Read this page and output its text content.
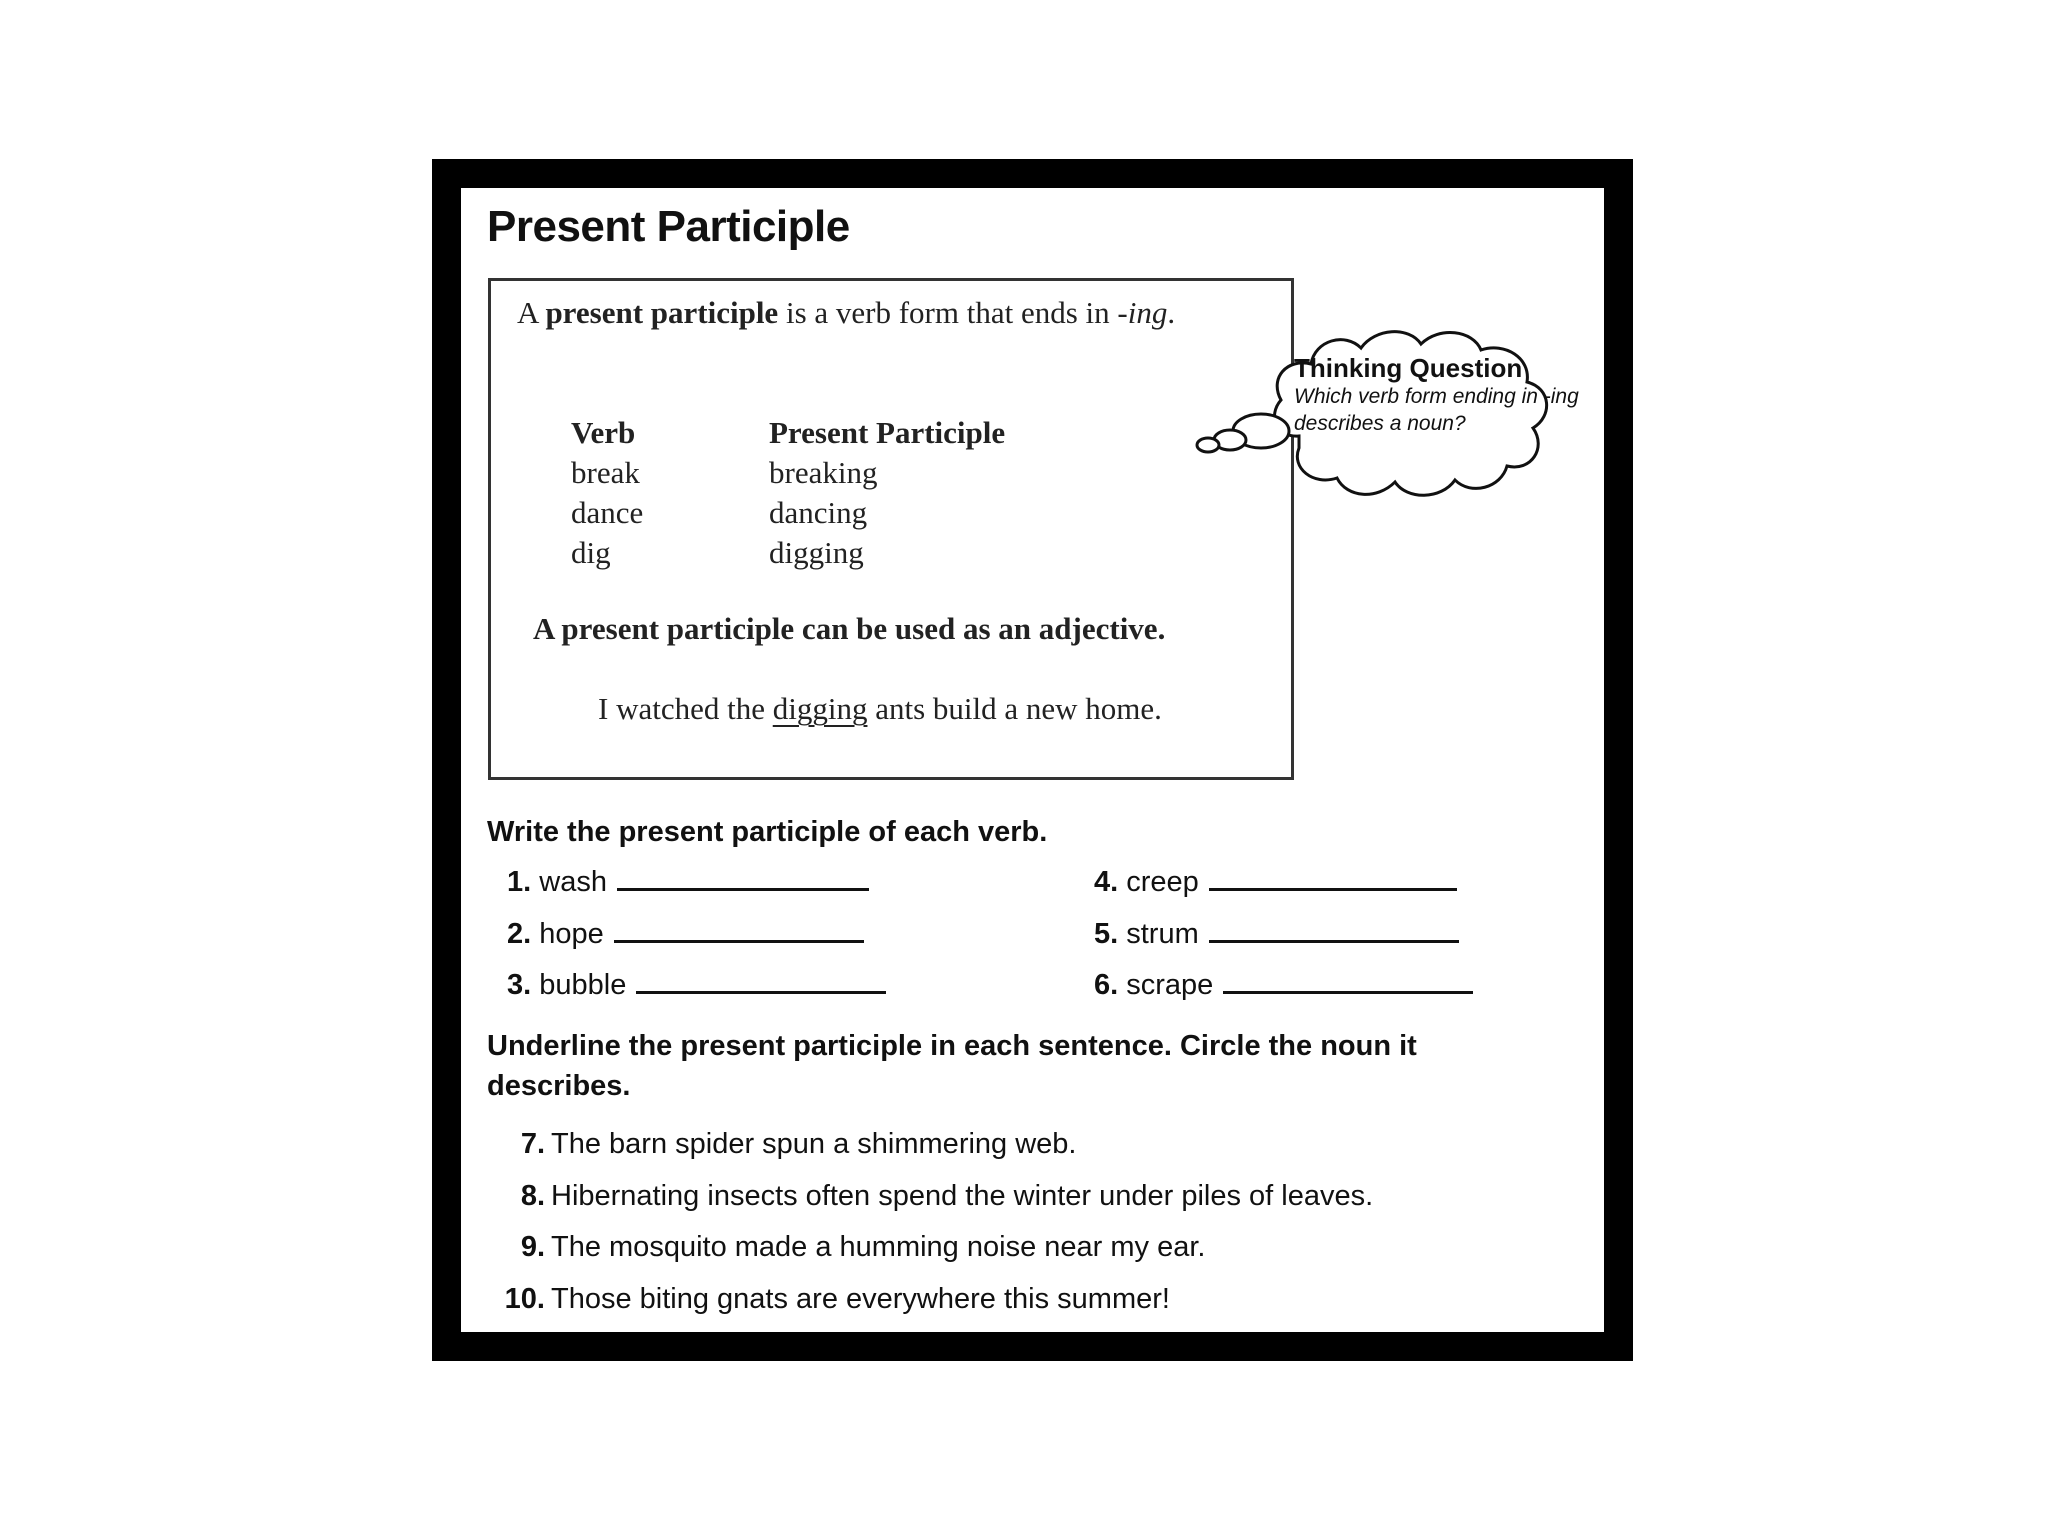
Present Participle
A present participle is a verb form that ends in -ing.
Verb
break
dance
dig
Present Participle
breaking
dancing
digging
A present participle can be used as an adjective.
I watched the digging ants build a new home.
Thinking Question
Which verb form ending in -ing describes a noun?
Write the present participle of each verb.
1. wash
2. hope
3. bubble
4. creep
5. strum
6. scrape
Underline the present participle in each sentence. Circle the noun it describes.
7. The barn spider spun a shimmering web.
8. Hibernating insects often spend the winter under piles of leaves.
9. The mosquito made a humming noise near my ear.
10. Those biting gnats are everywhere this summer!
